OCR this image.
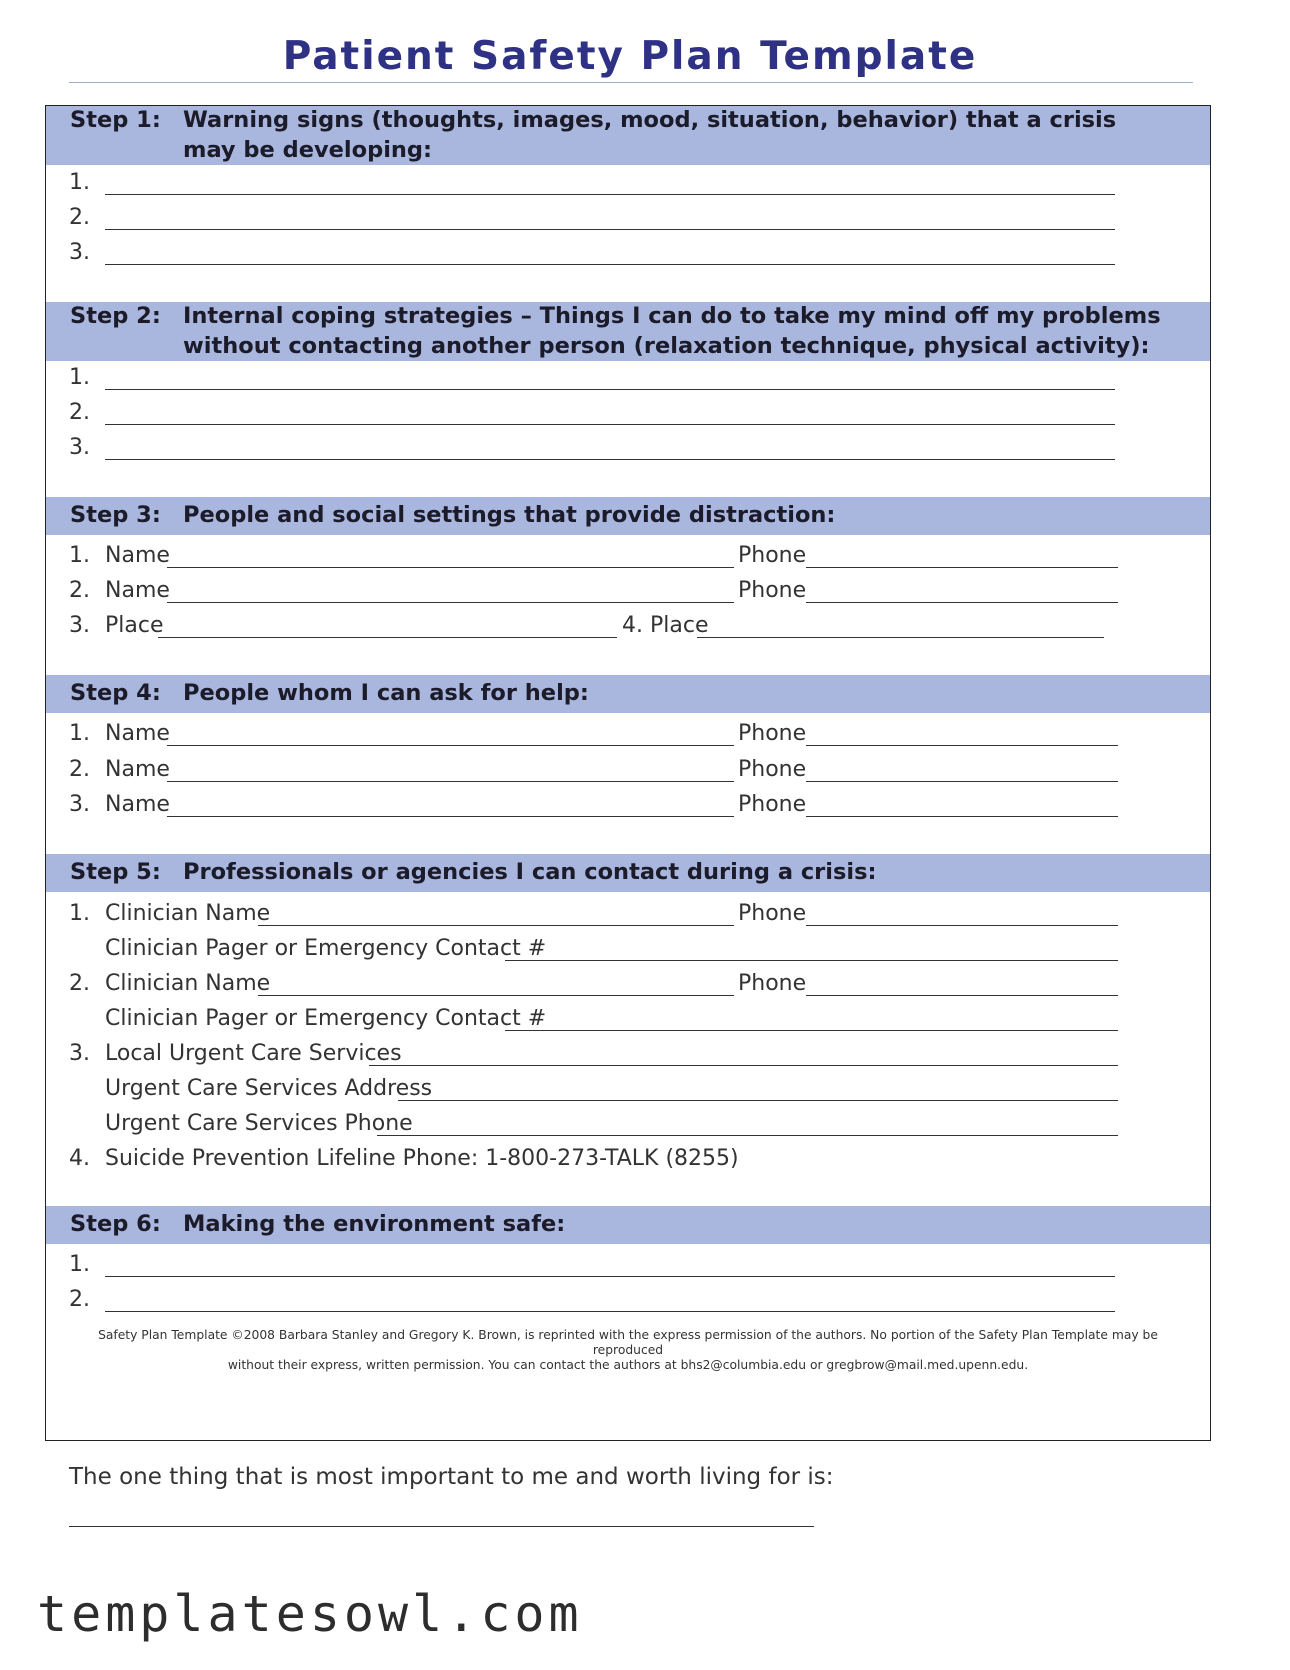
Patient Safety Plan Template
Step 1: Warning signs (thoughts, images, mood, situation, behavior) that a crisis may be developing:
1.
2.
3.
Step 2: Internal coping strategies – Things I can do to take my mind off my problems without contacting another person (relaxation technique, physical activity):
1.
2.
3.
Step 3: People and social settings that provide distraction:
1. Name	Phone
2. Name	Phone
3. Place	4. Place
Step 4: People whom I can ask for help:
1. Name	Phone
2. Name	Phone
3. Name	Phone
Step 5: Professionals or agencies I can contact during a crisis:
1. Clinician Name	Phone
Clinician Pager or Emergency Contact #
2. Clinician Name	Phone
Clinician Pager or Emergency Contact #
3. Local Urgent Care Services
Urgent Care Services Address
Urgent Care Services Phone
4. Suicide Prevention Lifeline Phone: 1-800-273-TALK (8255)
Step 6: Making the environment safe:
1.
2.
Safety Plan Template ©2008 Barbara Stanley and Gregory K. Brown, is reprinted with the express permission of the authors. No portion of the Safety Plan Template may be reproduced
without their express, written permission. You can contact the authors at bhs2@columbia.edu or gregbrow@mail.med.upenn.edu.
The one thing that is most important to me and worth living for is:
templatesowl.com
